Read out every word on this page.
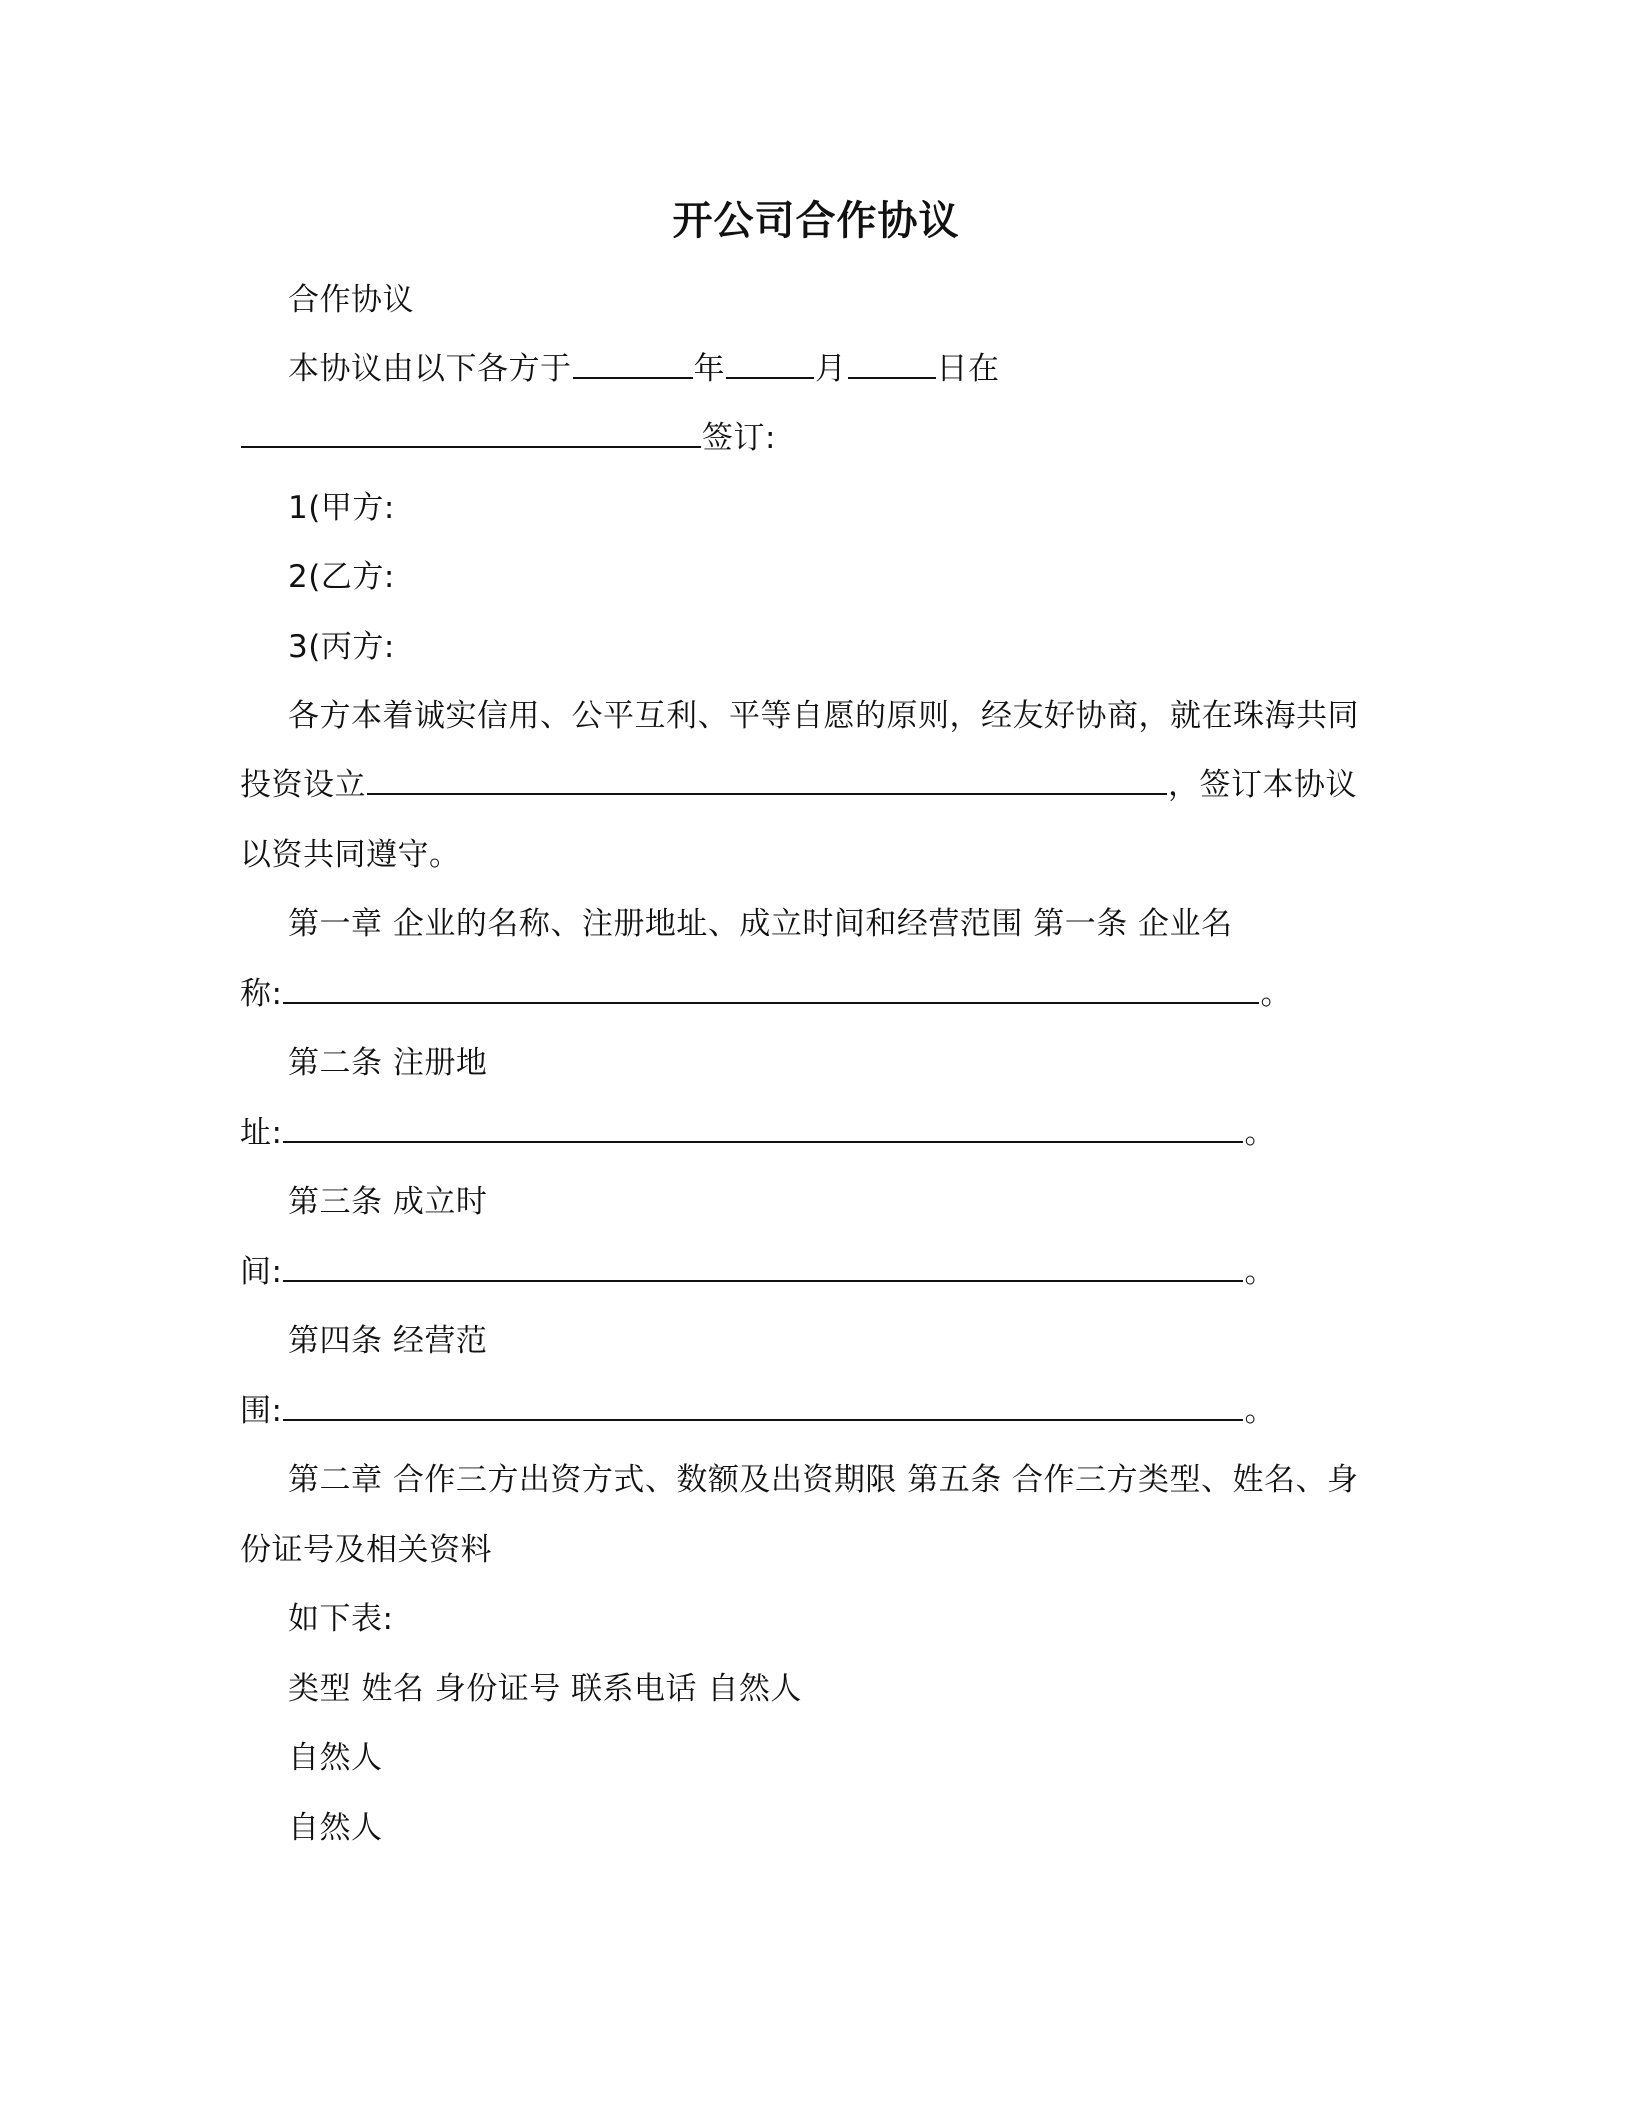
开公司合作协议
合作协议
本协议由以下各方于	年	月	日在
签订:
1(甲方:
2(乙方:
3(丙方:
各方本着诚实信用、公平互利、平等自愿的原则，经友好协商，就在珠海共同
投资设立	，签订本协议
以资共同遵守。
第一章 企业的名称、注册地址、成立时间和经营范围 第一条 企业名
称:	。
第二条 注册地
址:	。
第三条 成立时
间:	。
第四条 经营范
围:	。
第二章 合作三方出资方式、数额及出资期限 第五条 合作三方类型、姓名、身
份证号及相关资料
如下表:
类型 姓名 身份证号 联系电话 自然人
自然人
自然人
